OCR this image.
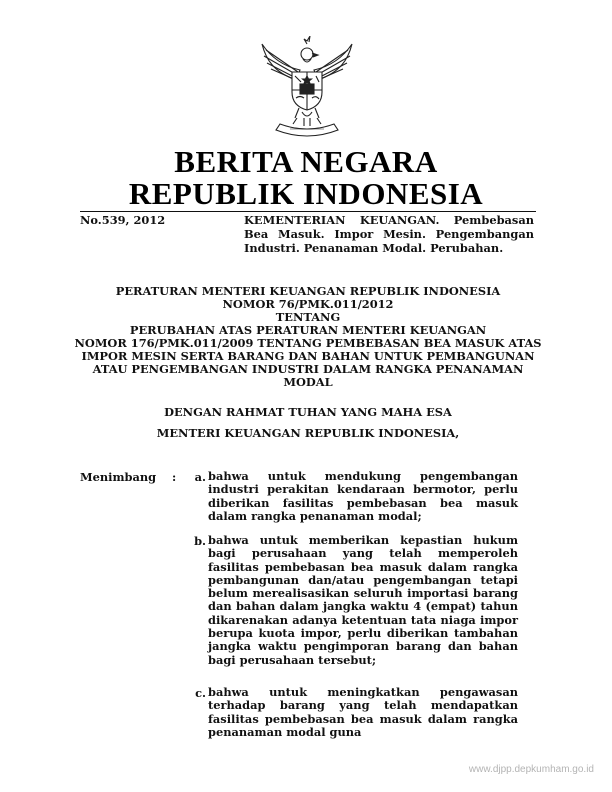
BERITA NEGARA
REPUBLIK INDONESIA
No.539, 2012	KEMENTERIAN KEUANGAN. Pembebasan Bea Masuk. Impor Mesin. Pengembangan Industri. Penanaman Modal. Perubahan.
PERATURAN MENTERI KEUANGAN REPUBLIK INDONESIA
NOMOR 76/PMK.011/2012
TENTANG
PERUBAHAN ATAS PERATURAN MENTERI KEUANGAN
NOMOR 176/PMK.011/2009 TENTANG PEMBEBASAN BEA MASUK ATAS
IMPOR MESIN SERTA BARANG DAN BAHAN UNTUK PEMBANGUNAN
ATAU PENGEMBANGAN INDUSTRI DALAM RANGKA PENANAMAN MODAL
DENGAN RAHMAT TUHAN YANG MAHA ESA
MENTERI KEUANGAN REPUBLIK INDONESIA,
Menimbang :	a. bahwa untuk mendukung pengembangan industri perakitan kendaraan bermotor, perlu diberikan fasilitas pembebasan bea masuk dalam rangka penanaman modal;
b. bahwa untuk memberikan kepastian hukum bagi perusahaan yang telah memperoleh fasilitas pembebasan bea masuk dalam rangka pembangunan dan/atau pengembangan tetapi belum merealisasikan seluruh importasi barang dan bahan dalam jangka waktu 4 (empat) tahun dikarenakan adanya ketentuan tata niaga impor berupa kuota impor, perlu diberikan tambahan jangka waktu pengimporan barang dan bahan bagi perusahaan tersebut;
c. bahwa untuk meningkatkan pengawasan terhadap barang yang telah mendapatkan fasilitas pembebasan bea masuk dalam rangka penanaman modal guna
www.djpp.depkumham.go.id
